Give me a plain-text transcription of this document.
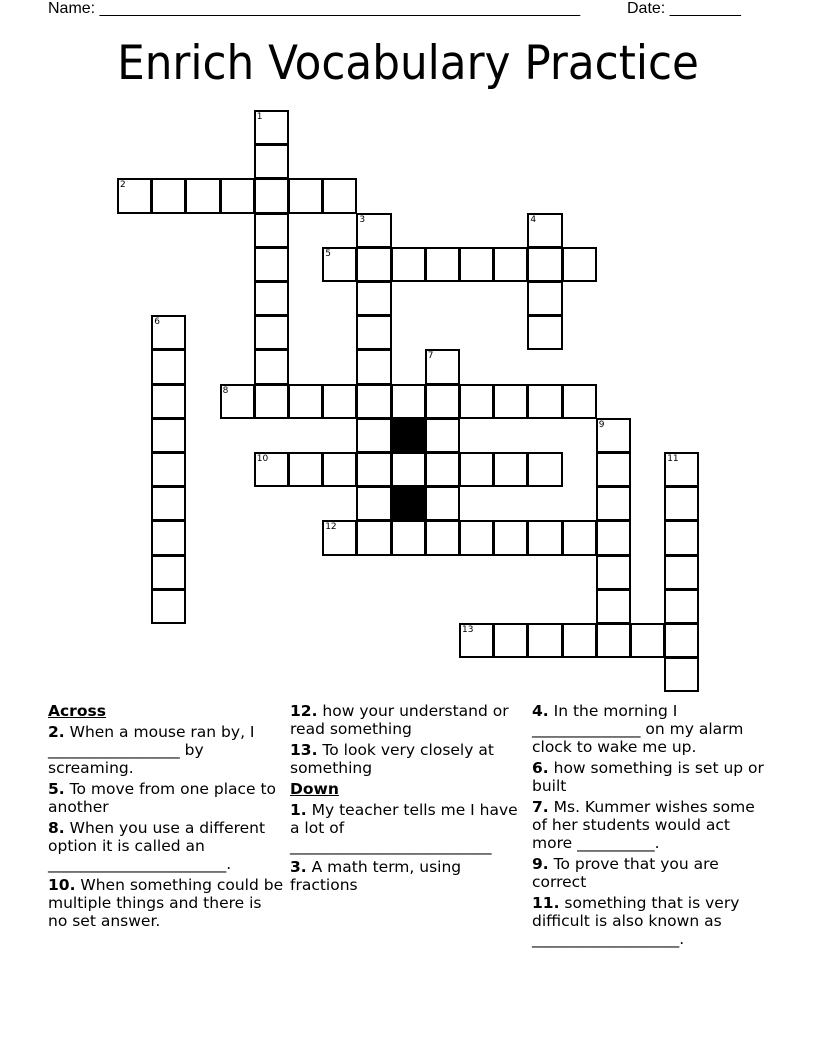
Name: ______________________________________________________	Date: ________
Enrich Vocabulary Practice
1
2
3	4
5
6
7
8
9
10	11
12
13
Across
2. When a mouse ran by, I _________________ by screaming.
5. To move from one place to another
8. When you use a different option it is called an _______________________.
10. When something could be multiple things and there is no set answer.
12. how your understand or read something
13. To look very closely at something
Down
1. My teacher tells me I have a lot of __________________________
3. A math term, using fractions
4. In the morning I ______________ on my alarm clock to wake me up.
6. how something is set up or built
7. Ms. Kummer wishes some of her students would act more __________.
9. To prove that you are correct
11. something that is very difficult is also known as ___________________.
